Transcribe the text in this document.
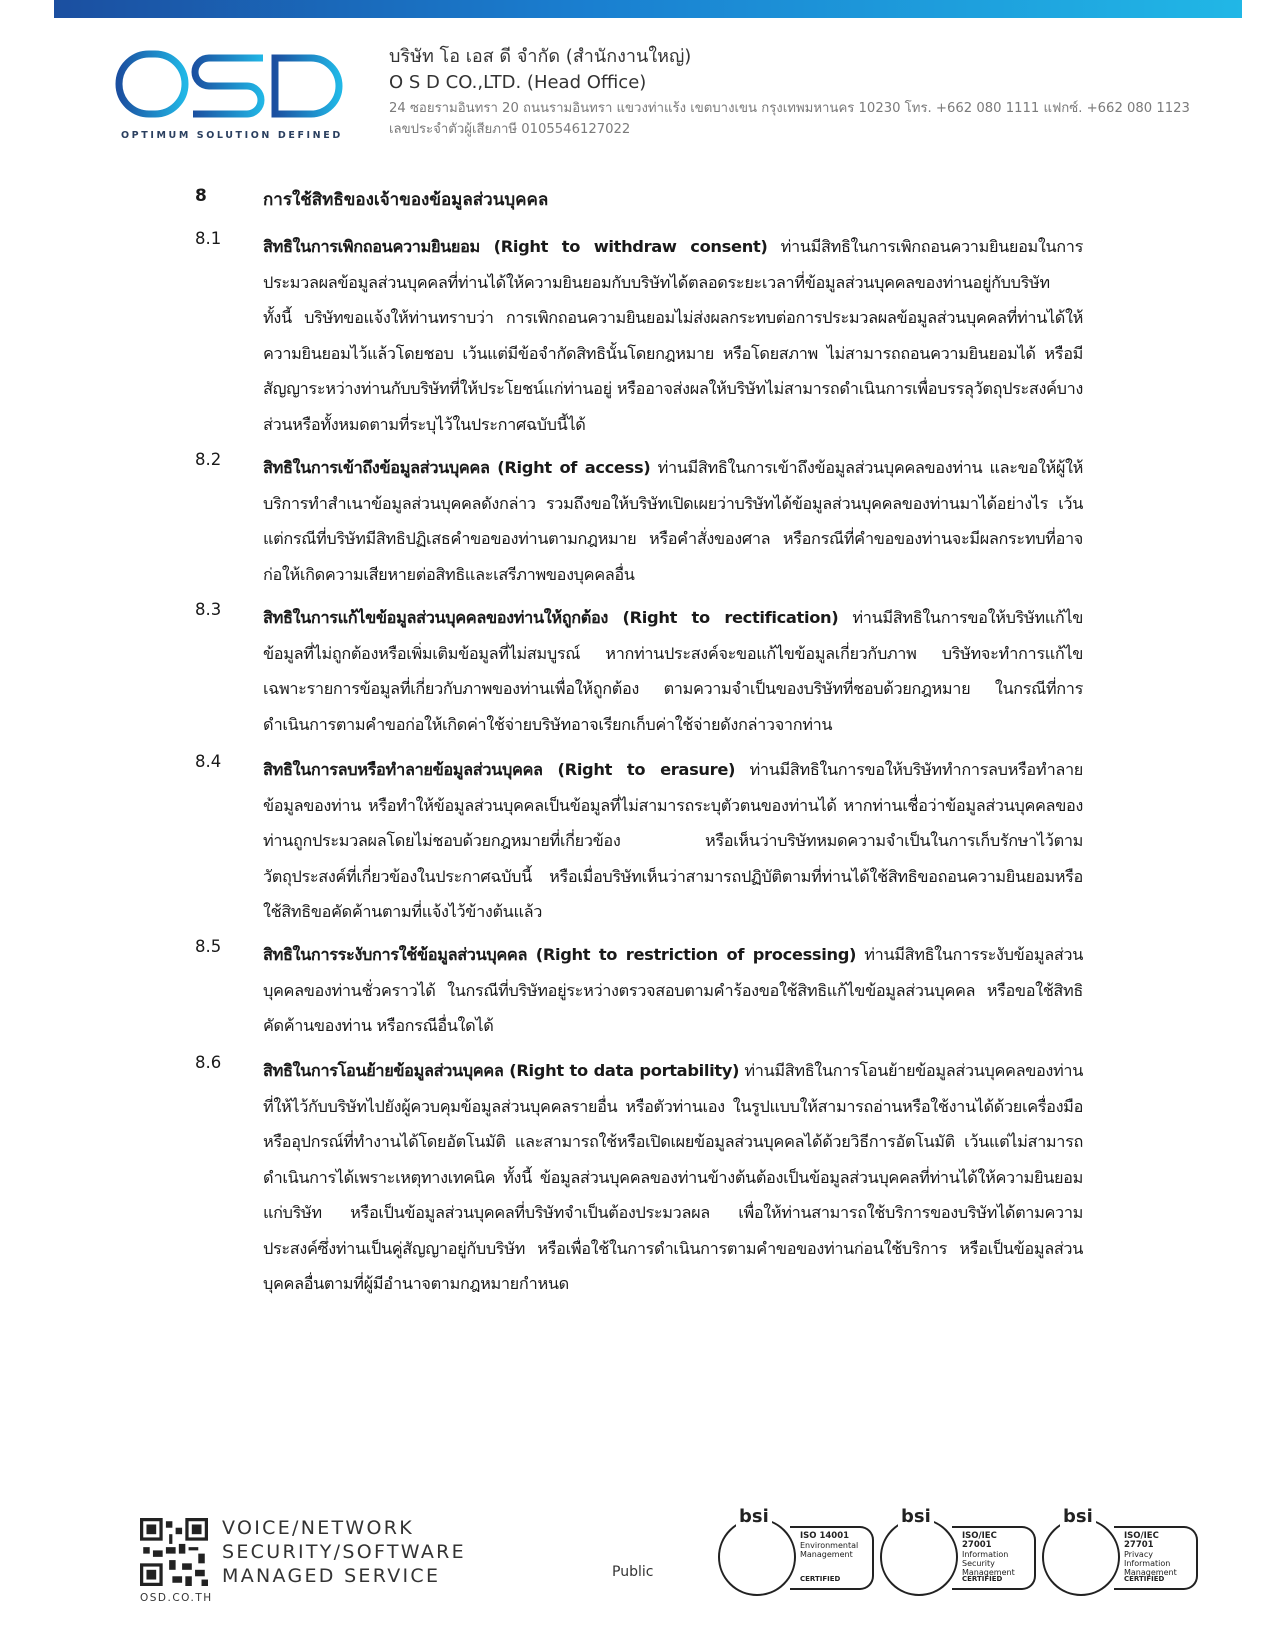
OPTIMUM SOLUTION DEFINED
บริษัท โอ เอส ดี จำกัด (สำนักงานใหญ่)
O S D CO.,LTD. (Head Office)
24 ซอยรามอินทรา 20 ถนนรามอินทรา แขวงท่าแร้ง เขตบางเขน กรุงเทพมหานคร 10230 โทร. +662 080 1111 แฟกซ์. +662 080 1123
เลขประจำตัวผู้เสียภาษี 0105546127022
8	การใช้สิทธิของเจ้าของข้อมูลส่วนบุคคล
8.1	สิทธิในการเพิกถอนความยินยอม (Right to withdraw consent) ท่านมีสิทธิในการเพิกถอนความยินยอมในการประมวลผลข้อมูลส่วนบุคคลที่ท่านได้ให้ความยินยอมกับบริษัทได้ตลอดระยะเวลาที่ข้อมูลส่วนบุคคลของท่านอยู่กับบริษัท ทั้งนี้ บริษัทขอแจ้งให้ท่านทราบว่า การเพิกถอนความยินยอมไม่ส่งผลกระทบต่อการประมวลผลข้อมูลส่วนบุคคลที่ท่านได้ให้ความยินยอมไว้แล้วโดยชอบ เว้นแต่มีข้อจำกัดสิทธินั้นโดยกฎหมาย หรือโดยสภาพ ไม่สามารถถอนความยินยอมได้ หรือมีสัญญาระหว่างท่านกับบริษัทที่ให้ประโยชน์แก่ท่านอยู่ หรืออาจส่งผลให้บริษัทไม่สามารถดำเนินการเพื่อบรรลุวัตถุประสงค์บางส่วนหรือทั้งหมดตามที่ระบุไว้ในประกาศฉบับนี้ได้
8.2	สิทธิในการเข้าถึงข้อมูลส่วนบุคคล (Right of access) ท่านมีสิทธิในการเข้าถึงข้อมูลส่วนบุคคลของท่าน และขอให้ผู้ให้บริการทำสำเนาข้อมูลส่วนบุคคลดังกล่าว รวมถึงขอให้บริษัทเปิดเผยว่าบริษัทได้ข้อมูลส่วนบุคคลของท่านมาได้อย่างไร เว้นแต่กรณีที่บริษัทมีสิทธิปฏิเสธคำขอของท่านตามกฎหมาย หรือคำสั่งของศาล หรือกรณีที่คำขอของท่านจะมีผลกระทบที่อาจก่อให้เกิดความเสียหายต่อสิทธิและเสรีภาพของบุคคลอื่น
8.3	สิทธิในการแก้ไขข้อมูลส่วนบุคคลของท่านให้ถูกต้อง (Right to rectification) ท่านมีสิทธิในการขอให้บริษัทแก้ไขข้อมูลที่ไม่ถูกต้องหรือเพิ่มเติมข้อมูลที่ไม่สมบูรณ์ หากท่านประสงค์จะขอแก้ไขข้อมูลเกี่ยวกับภาพ บริษัทจะทำการแก้ไขเฉพาะรายการข้อมูลที่เกี่ยวกับภาพของท่านเพื่อให้ถูกต้อง ตามความจำเป็นของบริษัทที่ชอบด้วยกฎหมาย ในกรณีที่การดำเนินการตามคำขอก่อให้เกิดค่าใช้จ่ายบริษัทอาจเรียกเก็บค่าใช้จ่ายดังกล่าวจากท่าน
8.4	สิทธิในการลบหรือทำลายข้อมูลส่วนบุคคล (Right to erasure) ท่านมีสิทธิในการขอให้บริษัททำการลบหรือทำลายข้อมูลของท่าน หรือทำให้ข้อมูลส่วนบุคคลเป็นข้อมูลที่ไม่สามารถระบุตัวตนของท่านได้ หากท่านเชื่อว่าข้อมูลส่วนบุคคลของท่านถูกประมวลผลโดยไม่ชอบด้วยกฎหมายที่เกี่ยวข้อง หรือเห็นว่าบริษัทหมดความจำเป็นในการเก็บรักษาไว้ตามวัตถุประสงค์ที่เกี่ยวข้องในประกาศฉบับนี้ หรือเมื่อบริษัทเห็นว่าสามารถปฏิบัติตามที่ท่านได้ใช้สิทธิขอถอนความยินยอมหรือใช้สิทธิขอคัดค้านตามที่แจ้งไว้ข้างต้นแล้ว
8.5	สิทธิในการระงับการใช้ข้อมูลส่วนบุคคล (Right to restriction of processing) ท่านมีสิทธิในการระงับข้อมูลส่วนบุคคลของท่านชั่วคราวได้ ในกรณีที่บริษัทอยู่ระหว่างตรวจสอบตามคำร้องขอใช้สิทธิแก้ไขข้อมูลส่วนบุคคล หรือขอใช้สิทธิคัดค้านของท่าน หรือกรณีอื่นใดได้
8.6	สิทธิในการโอนย้ายข้อมูลส่วนบุคคล (Right to data portability) ท่านมีสิทธิในการโอนย้ายข้อมูลส่วนบุคคลของท่านที่ให้ไว้กับบริษัทไปยังผู้ควบคุมข้อมูลส่วนบุคคลรายอื่น หรือตัวท่านเอง ในรูปแบบให้สามารถอ่านหรือใช้งานได้ด้วยเครื่องมือหรืออุปกรณ์ที่ทำงานได้โดยอัตโนมัติ และสามารถใช้หรือเปิดเผยข้อมูลส่วนบุคคลได้ด้วยวิธีการอัตโนมัติ เว้นแต่ไม่สามารถดำเนินการได้เพราะเหตุทางเทคนิค ทั้งนี้ ข้อมูลส่วนบุคคลของท่านข้างต้นต้องเป็นข้อมูลส่วนบุคคลที่ท่านได้ให้ความยินยอมแก่บริษัท หรือเป็นข้อมูลส่วนบุคคลที่บริษัทจำเป็นต้องประมวลผล เพื่อให้ท่านสามารถใช้บริการของบริษัทได้ตามความประสงค์ซึ่งท่านเป็นคู่สัญญาอยู่กับบริษัท หรือเพื่อใช้ในการดำเนินการตามคำขอของท่านก่อนใช้บริการ หรือเป็นข้อมูลส่วนบุคคลอื่นตามที่ผู้มีอำนาจตามกฎหมายกำหนด
OSD.CO.TH
VOICE/NETWORK
SECURITY/SOFTWARE
MANAGED SERVICE	Public
bsi
ISO 14001
Environmental Management
CERTIFIED
bsi
ISO/IEC 27001
Information Security Management
CERTIFIED
bsi
ISO/IEC 27701
Privacy Information Management
CERTIFIED
